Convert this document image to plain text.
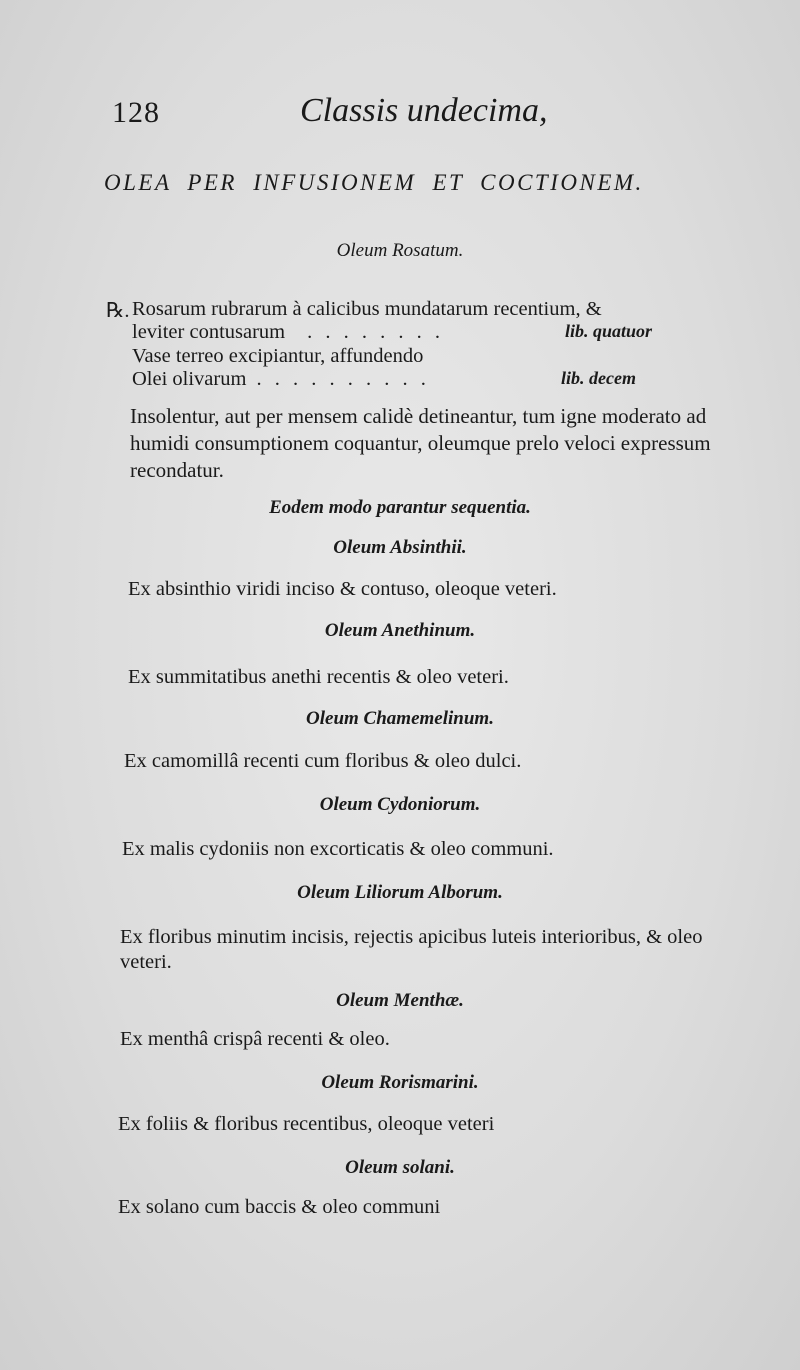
128	Classis undecima,
OLEA PER INFUSIONEM ET COCTIONEM.
Oleum Rosatum.
℞. Rosarum rubrarum à calicibus mundatarum recentium, &
leviter contusarum	. . . . . . . .	lib. quatuor
Vase terreo excipiantur, affundendo
Olei olivarum . . . . . . . . . .	lib. decem
Insolentur, aut per mensem calidè detineantur, tum igne moderato ad humidi consumptionem coquantur, oleumque prelo veloci expressum recondatur.
Eodem modo parantur sequentia.
Oleum Absinthii.
Ex absinthio viridi inciso & contuso, oleoque veteri.
Oleum Anethinum.
Ex summitatibus anethi recentis & oleo veteri.
Oleum Chamemelinum.
Ex camomillâ recenti cum floribus & oleo dulci.
Oleum Cydoniorum.
Ex malis cydoniis non excorticatis & oleo communi.
Oleum Liliorum Alborum.
Ex floribus minutim incisis, rejectis apicibus luteis interioribus, & oleo veteri.
Oleum Menthæ.
Ex menthâ crispâ recenti & oleo.
Oleum Rorismarini.
Ex foliis & floribus recentibus, oleoque veteri
Oleum solani.
Ex solano cum baccis & oleo communi
